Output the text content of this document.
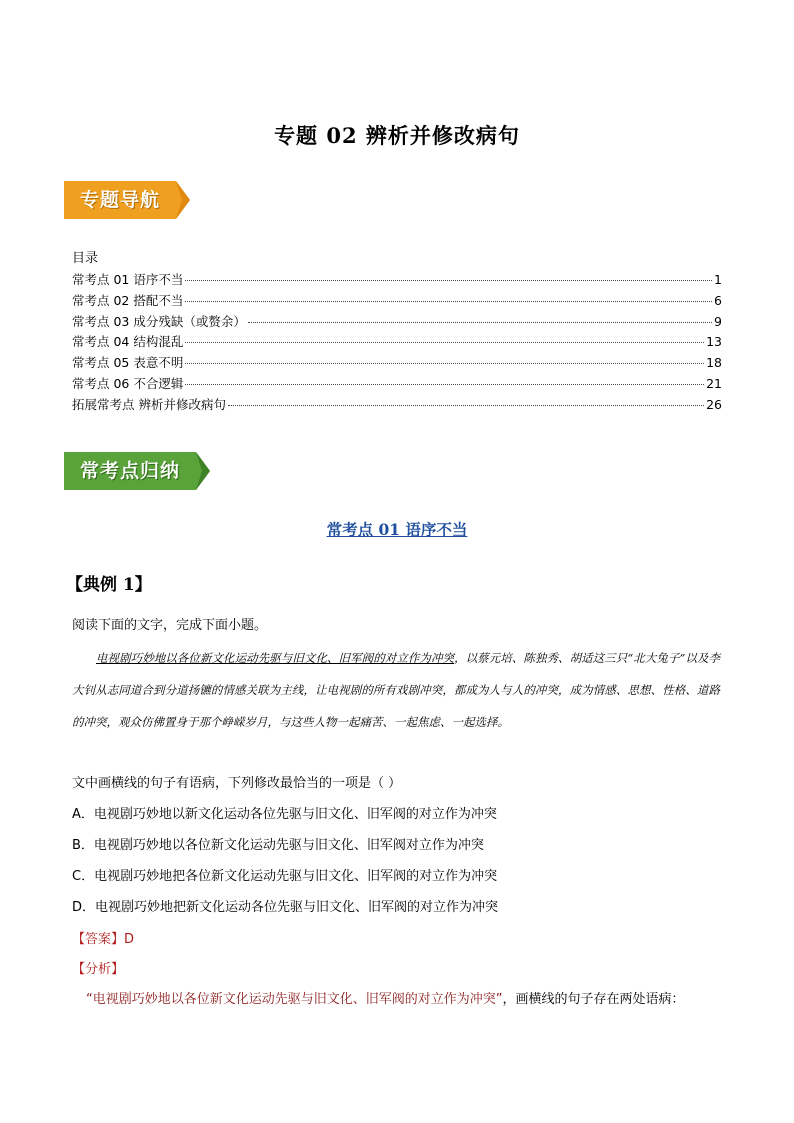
专题 02 辨析并修改病句
专题导航
目录
常考点 01 语序不当	1
常考点 02 搭配不当	6
常考点 03 成分残缺（或赘余）	9
常考点 04 结构混乱	13
常考点 05 表意不明	18
常考点 06 不合逻辑	21
拓展常考点 辨析并修改病句	26
常考点归纳
常考点 01 语序不当
【典例 1】
阅读下面的文字，完成下面小题。
电视剧巧妙地以各位新文化运动先驱与旧文化、旧军阀的对立作为冲突，以蔡元培、陈独秀、胡适这三只“北大兔子”以及李大钊从志同道合到分道扬镳的情感关联为主线，让电视剧的所有戏剧冲突，都成为人与人的冲突，成为情感、思想、性格、道路的冲突，观众仿佛置身于那个峥嵘岁月，与这些人物一起痛苦、一起焦虑、一起选择。
文中画横线的句子有语病，下列修改最恰当的一项是（ ）
A．电视剧巧妙地以新文化运动各位先驱与旧文化、旧军阀的对立作为冲突
B．电视剧巧妙地以各位新文化运动先驱与旧文化、旧军阀对立作为冲突
C．电视剧巧妙地把各位新文化运动先驱与旧文化、旧军阀的对立作为冲突
D．电视剧巧妙地把新文化运动各位先驱与旧文化、旧军阀的对立作为冲突
【答案】D
【分析】
“电视剧巧妙地以各位新文化运动先驱与旧文化、旧军阀的对立作为冲突”，画横线的句子存在两处语病：
